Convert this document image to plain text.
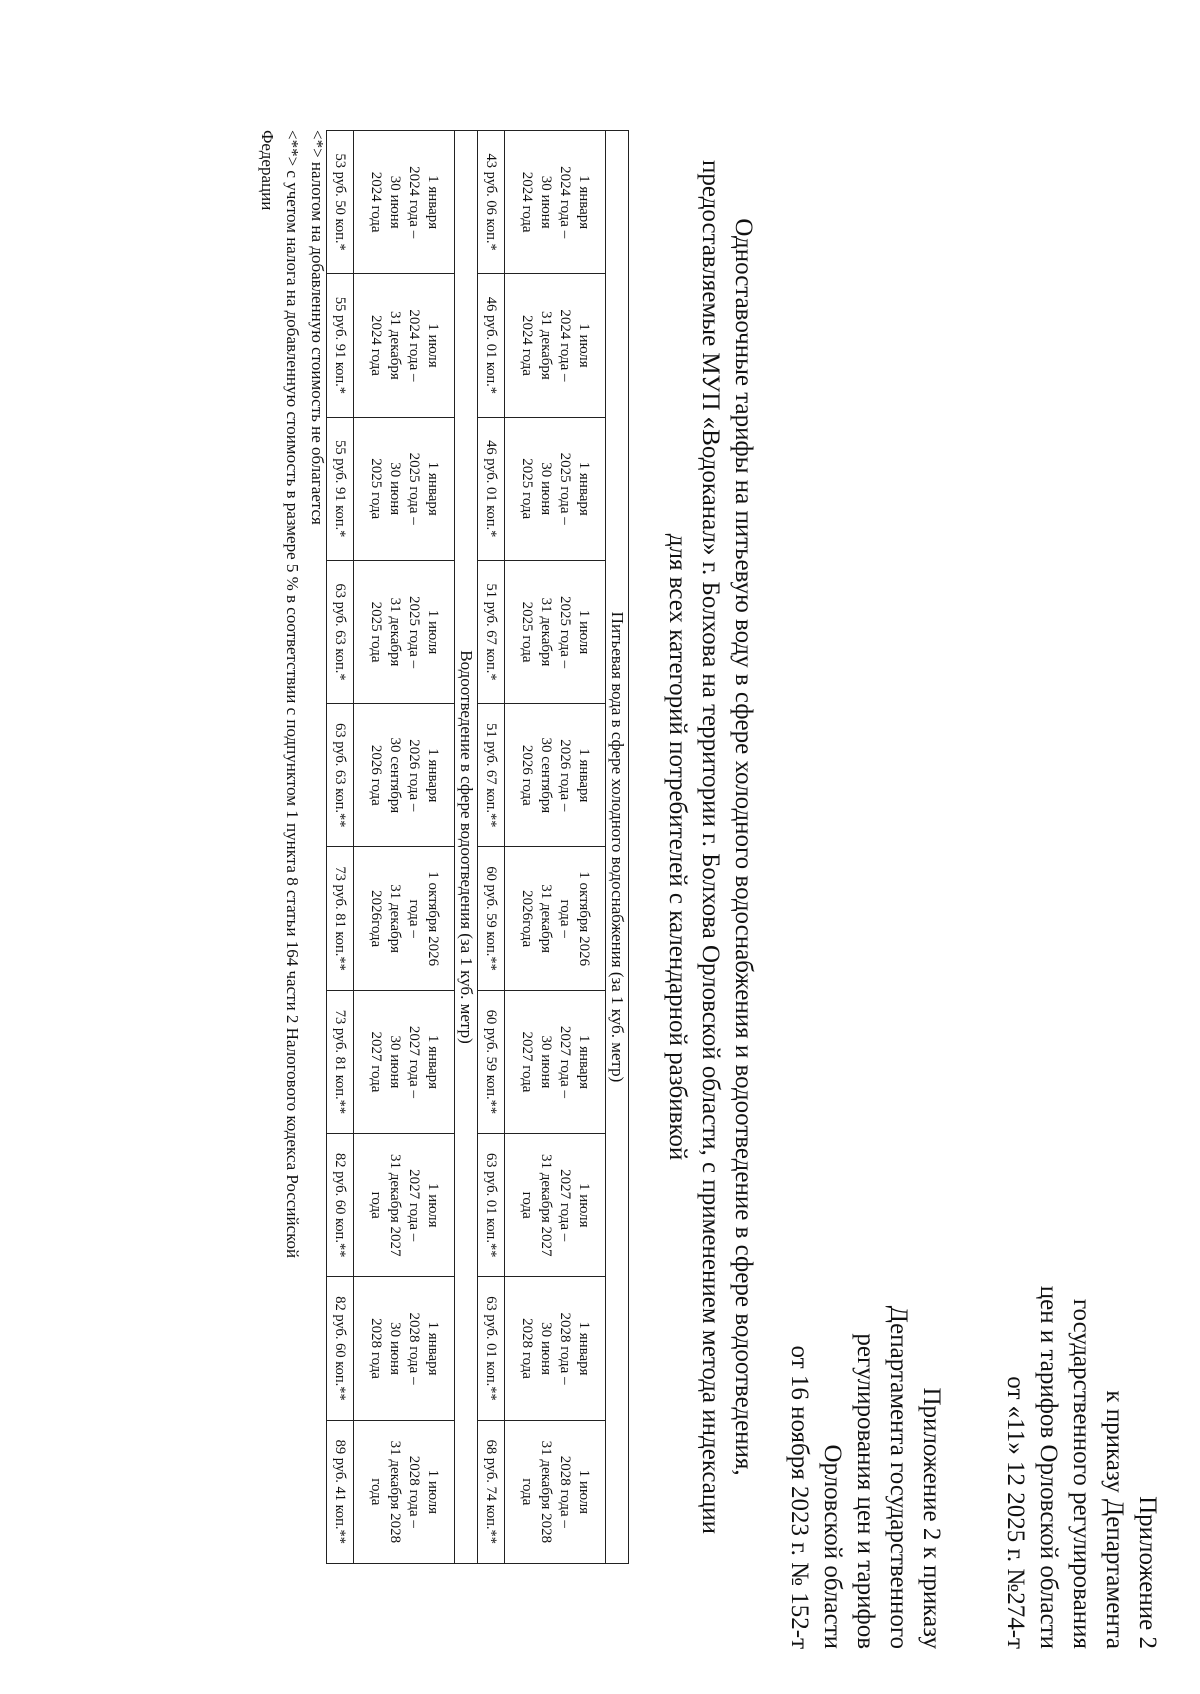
Приложение 2
к приказу Департамента
государственного регулирования
цен и тарифов Орловской области
от «11» 12 2025 г. №274-т
Приложение 2 к приказу
Департамента государственного
регулирования цен и тарифов
Орловской области
от 16 ноября 2023 г. № 152-т
Одноставочные тарифы на питьевую воду в сфере холодного водоснабжения и водоотведение в сфере водоотведения,
предоставляемые МУП «Водоканал» г. Болхова на территории г. Болхова Орловской области, с применением метода индексации
для всех категорий потребителей с календарной разбивкой
Питьевая вода в сфере холодного водоснабжения (за 1 куб. метр)									
1 января
2024 года –
30 июня
2024 года	1 июля
2024 года –
31 декабря
2024 года	1 января
2025 года –
30 июня
2025 года	1 июля
2025 года –
31 декабря
2025 года	1 января
2026 года –
30 сентября
2026 года	1 октября 2026
года –
31 декабря
2026года	1 января
2027 года –
30 июня
2027 года	1 июля
2027 года –
31 декабря 2027
года	1 января
2028 года –
30 июня
2028 года	1 июля
2028 года –
31 декабря 2028
года
43 руб. 06 коп.*	46 руб. 01 коп.*	46 руб. 01 коп.*	51 руб. 67 коп.*	51 руб. 67 коп.**	60 руб. 59 коп.**	60 руб. 59 коп.**	63 руб. 01 коп.**	63 руб. 01 коп.**	68 руб. 74 коп.**
Водоотведение в сфере водоотведения (за 1 куб. метр)									
1 января
2024 года –
30 июня
2024 года	1 июля
2024 года –
31 декабря
2024 года	1 января
2025 года –
30 июня
2025 года	1 июля
2025 года –
31 декабря
2025 года	1 января
2026 года –
30 сентября
2026 года	1 октября 2026
года –
31 декабря
2026года	1 января
2027 года –
30 июня
2027 года	1 июля
2027 года –
31 декабря 2027
года	1 января
2028 года –
30 июня
2028 года	1 июля
2028 года –
31 декабря 2028
года
53 руб. 50 коп.*	55 руб. 91 коп.*	55 руб. 91 коп.*	63 руб. 63 коп.*	63 руб. 63 коп.**	73 руб. 81 коп.**	73 руб. 81 коп.**	82 руб. 60 коп.**	82 руб. 60 коп.**	89 руб. 41 коп.**
<*> налогом на добавленную стоимость не облагается
<**> с учетом налога на добавленную стоимость в размере 5 % в соответствии с подпунктом 1 пункта 8 статьи 164 части 2 Налогового кодекса Российской
Федерации
